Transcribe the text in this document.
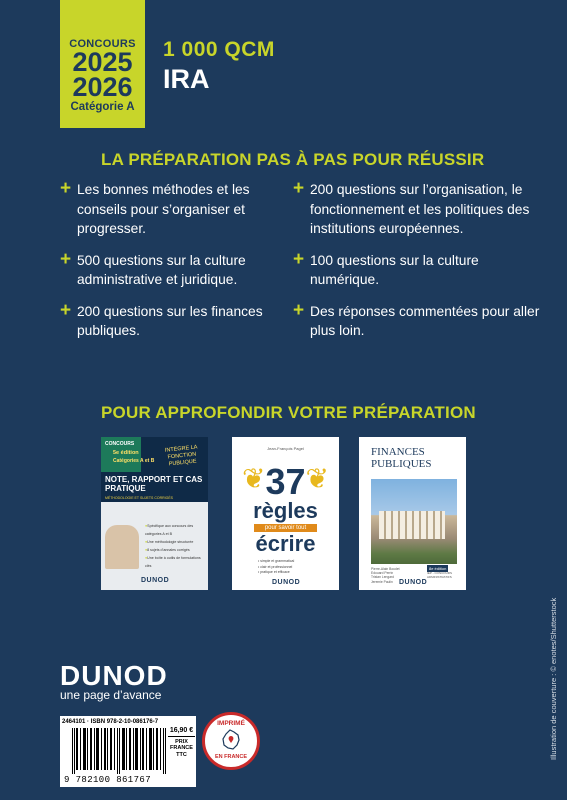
CONCOURS
2025
2026
Catégorie A
1 000 QCM
IRA
LA PRÉPARATION PAS À PAS POUR RÉUSSIR
+ Les bonnes méthodes et les conseils pour s’organiser et progresser.
+ 500 questions sur la culture administrative et juridique.
+ 200 questions sur les finances publiques.
+ 200 questions sur l’organisation, le fonctionnement et les politiques des institutions européennes.
+ 100 questions sur la culture numérique.
+ Des réponses commentées pour aller plus loin.
POUR APPROFONDIR VOTRE PRÉPARATION
CONCOURS
5e édition
Catégories A et B
INTÈGRE LA FONCTION PUBLIQUE
NOTE, RAPPORT ET CAS PRATIQUE
MÉTHODOLOGIE ET SUJETS CORRIGÉS
● Spécifique aux concours des catégories A et B
● Une méthodologie structurée
● 8 sujets d’annales corrigés
● Une boîte à outils de formulations clés
DUNOD
Jean-François Pagel
❦ ❦
37
règles
pour savoir tout
écrire
• simple et grammatical
• clair et professionnel
• pratique et efficace
DUNOD
FINANCES
PUBLIQUES
Pierre-Alain Boudet
Edouard Perrin
Tristan Lengard
Jeremie Paulin
8e édition
IEP - CONCOURS ADMINISTRATIFS
DUNOD
DUNOD
une page d’avance
2464101 · ISBN 978-2-10-086176-7
9 782100 861767
16,90 €
PRIX
FRANCE
TTC
IMPRIMÉ
EN FRANCE	Illustration de couverture : © enotes/Shutterstock
